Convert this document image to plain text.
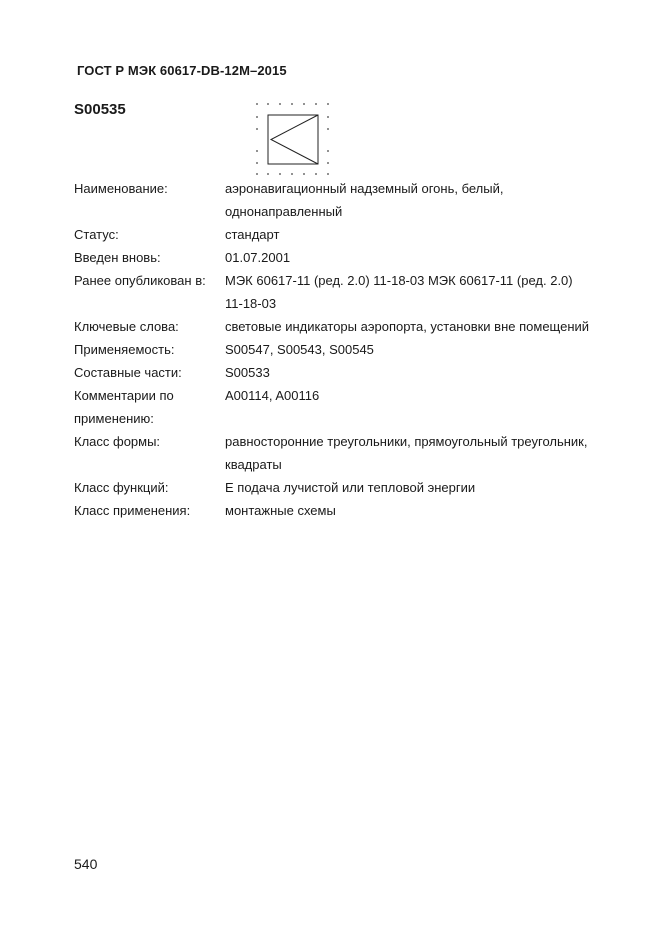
ГОСТ Р МЭК 60617-DB-12M–2015
S00535
Наименование:	аэронавигационный надземный огонь, белый, однонаправленный
Статус:	стандарт
Введен вновь:	01.07.2001
Ранее опубликован в:	МЭК 60617-11 (ред. 2.0) 11-18-03 МЭК 60617-11 (ред. 2.0) 11-18-03
Ключевые слова:	световые индикаторы аэропорта, установки вне помещений
Применяемость:	S00547, S00543, S00545
Составные части:	S00533
Комментарии по применению:
A00114, A00116
Класс формы:	равносторонние треугольники, прямоугольный треугольник, квадраты
Класс функций:	E подача лучистой или тепловой энергии
Класс применения:	монтажные схемы
540
